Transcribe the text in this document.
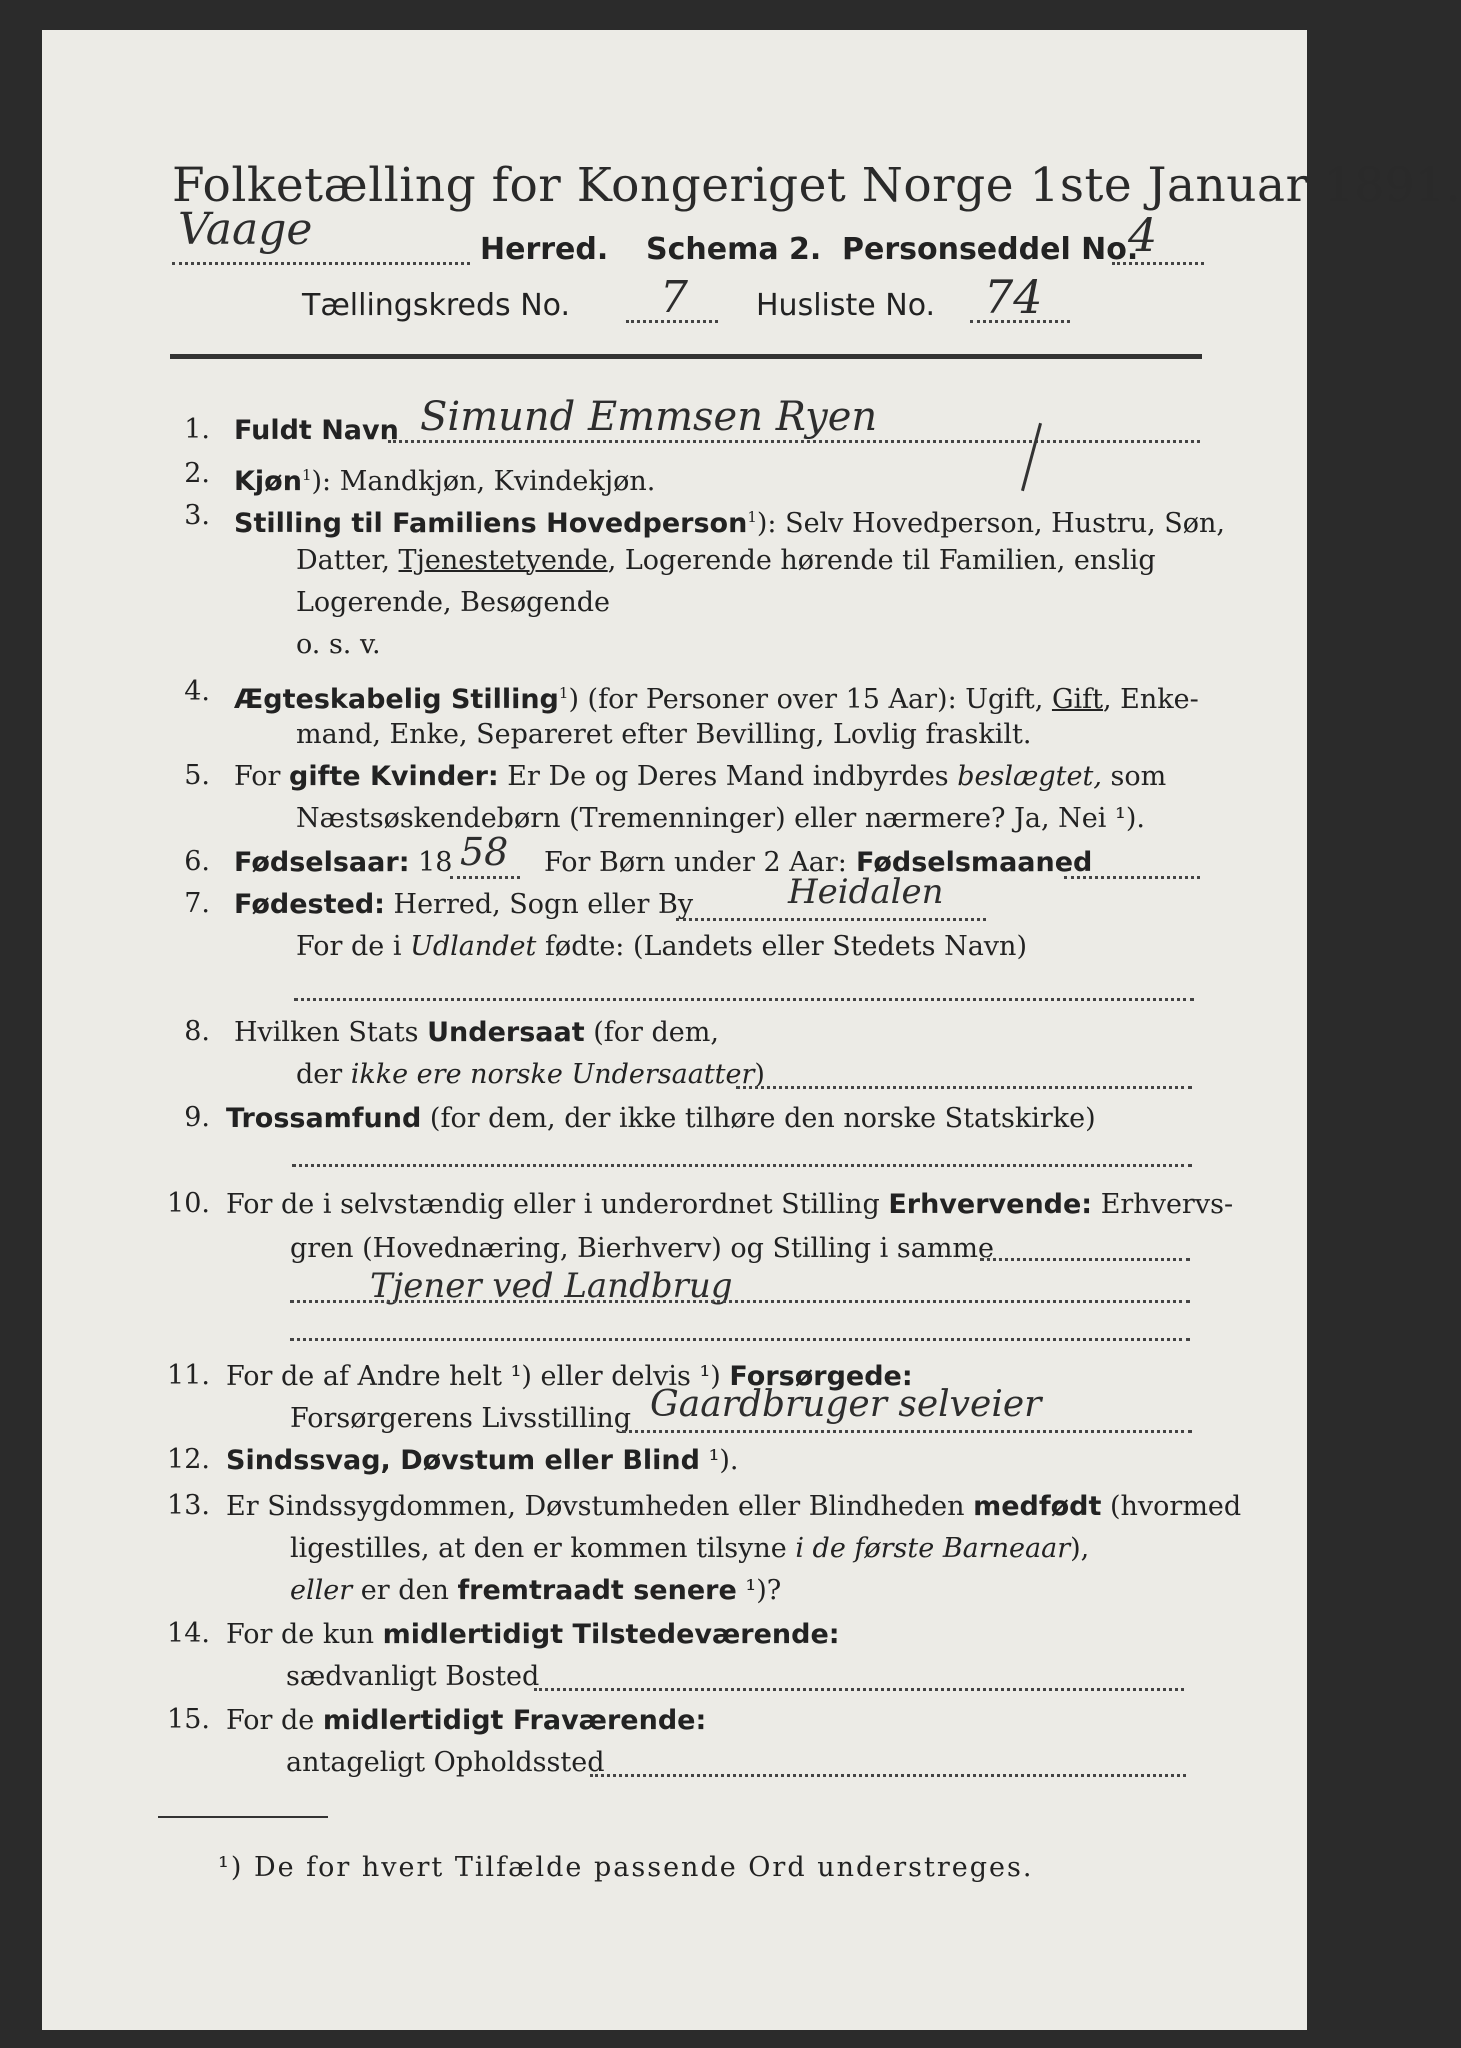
Folketælling for Kongeriget Norge 1ste Januar 1891.
Vaage	Herred. Schema 2. Personseddel No.
4
Tællingskreds No. 7 Husliste No. 74
1. Fuldt Navn Simund Emmsen Ryen
2. Kjøn$^1$): Mandkjøn, Kvindekjøn.
3. Stilling til Familiens Hovedperson$^1$): Selv Hovedperson, Hustru, Søn,
Datter, Tjenestetyende, Logerende hørende til Familien, enslig
Logerende, Besøgende
o. s. v.
4. Ægteskabelig Stilling$^1$) (for Personer over 15 Aar): Ugift, Gift, Enke-
mand, Enke, Separeret efter Bevilling, Lovlig fraskilt.
5. For gifte Kvinder: Er De og Deres Mand indbyrdes beslægtet, som
Næstsøskendebørn (Tremenninger) eller nærmere? Ja, Nei ¹).
6. Fødselsaar: 18 58 For Børn under 2 Aar: Fødselsmaaned
7. Fødested: Herred, Sogn eller By	Heidalen
For de i Udlandet fødte: (Landets eller Stedets Navn)
8. Hvilken Stats Undersaat (for dem,
der ikke ere norske Undersaatter)
9. Trossamfund (for dem, der ikke tilhøre den norske Statskirke)
10. For de i selvstændig eller i underordnet Stilling Erhvervende: Erhvervs-
gren (Hovednæring, Bierhverv) og Stilling i samme
Tjener ved Landbrug
11. For de af Andre helt ¹) eller delvis ¹) Forsørgede:
Forsørgerens Livsstilling Gaardbruger selveier
12. Sindssvag, Døvstum eller Blind ¹).
13. Er Sindssygdommen, Døvstumheden eller Blindheden medfødt (hvormed
ligestilles, at den er kommen tilsyne i de første Barneaar),
eller er den fremtraadt senere ¹)?
14. For de kun midlertidigt Tilstedeværende:
sædvanligt Bosted
15. For de midlertidigt Fraværende:
antageligt Opholdssted
¹) De for hvert Tilfælde passende Ord understreges.
